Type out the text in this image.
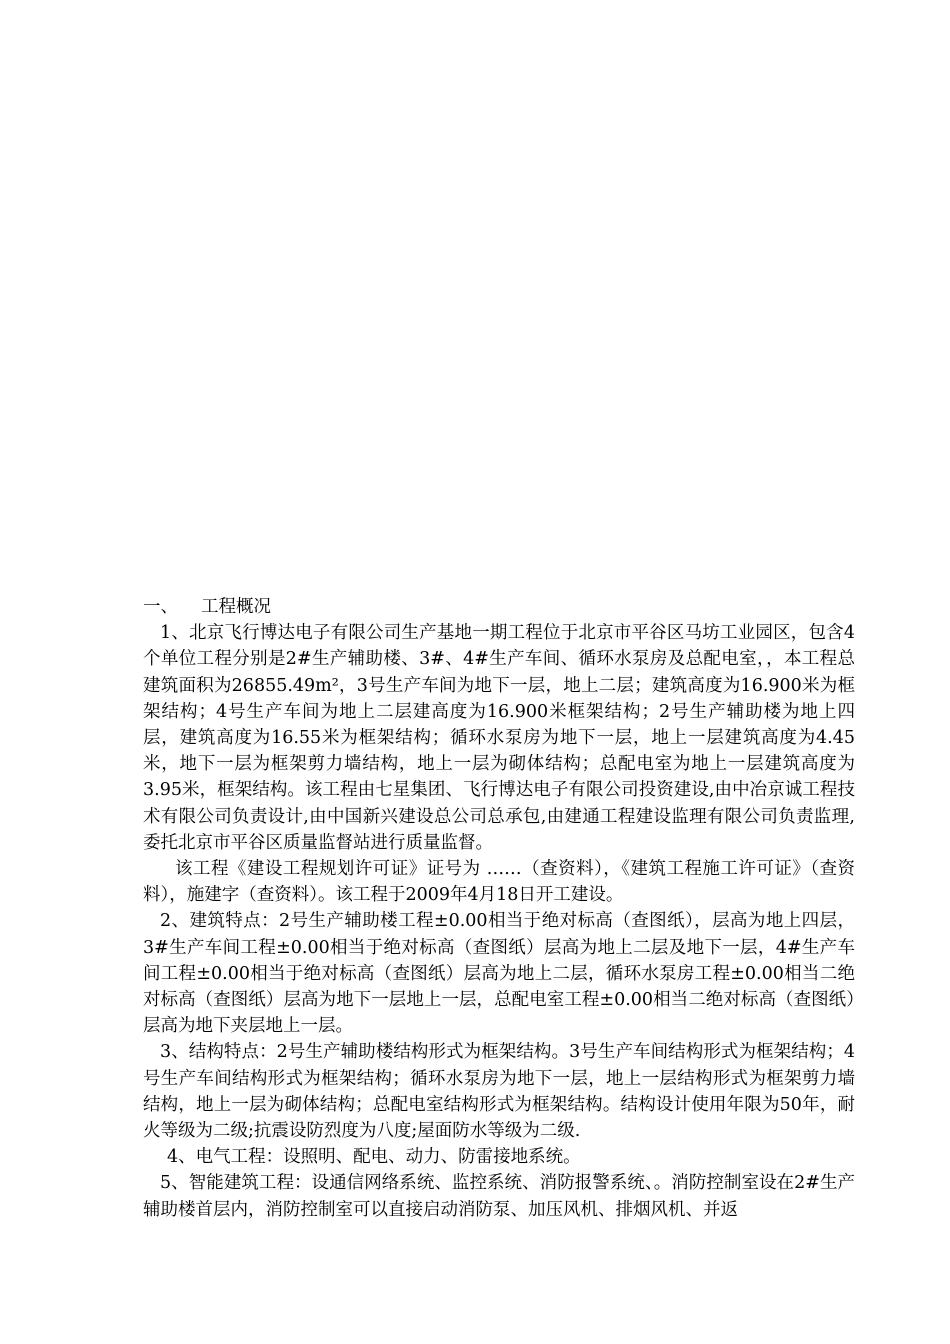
一、 工程概况

1、北京飞行博达电子有限公司生产基地一期工程位于北京市平谷区马坊工业园区，包含4个单位工程分别是2#生产辅助楼、3#、4#生产车间、循环水泵房及总配电室，，本工程总建筑面积为26855.49m²，3号生产车间为地下一层，地上二层；建筑高度为16.900米为框架结构；4号生产车间为地上二层建高度为16.900米框架结构；2号生产辅助楼为地上四层，建筑高度为16.55米为框架结构；循环水泵房为地下一层，地上一层建筑高度为4.45米，地下一层为框架剪力墙结构，地上一层为砌体结构；总配电室为地上一层建筑高度为3.95米，框架结构。该工程由七星集团、飞行博达电子有限公司投资建设,由中冶京诚工程技术有限公司负责设计,由中国新兴建设总公司总承包,由建通工程建设监理有限公司负责监理,委托北京市平谷区质量监督站进行质量监督。

该工程《建设工程规划许可证》证号为 ……（查资料），《建筑工程施工许可证》（查资料），施建字（查资料）。该工程于2009年4月18日开工建设。

2、建筑特点：2号生产辅助楼工程±0.00相当于绝对标高（查图纸），层高为地上四层，3#生产车间工程±0.00相当于绝对标高（查图纸）层高为地上二层及地下一层，4#生产车间工程±0.00相当于绝对标高（查图纸）层高为地上二层，循环水泵房工程±0.00相当二绝对标高（查图纸）层高为地下一层地上一层，总配电室工程±0.00相当二绝对标高（查图纸）层高为地下夹层地上一层。

3、结构特点：2号生产辅助楼结构形式为框架结构。3号生产车间结构形式为框架结构；4号生产车间结构形式为框架结构；循环水泵房为地下一层，地上一层结构形式为框架剪力墙结构，地上一层为砌体结构；总配电室结构形式为框架结构。结构设计使用年限为50年，耐火等级为二级;抗震设防烈度为八度;屋面防水等级为二级.

4、电气工程：设照明、配电、动力、防雷接地系统。

5、智能建筑工程：设通信网络系统、监控系统、消防报警系统、。消防控制室设在2#生产辅助楼首层内，消防控制室可以直接启动消防泵、加压风机、排烟风机、并返
